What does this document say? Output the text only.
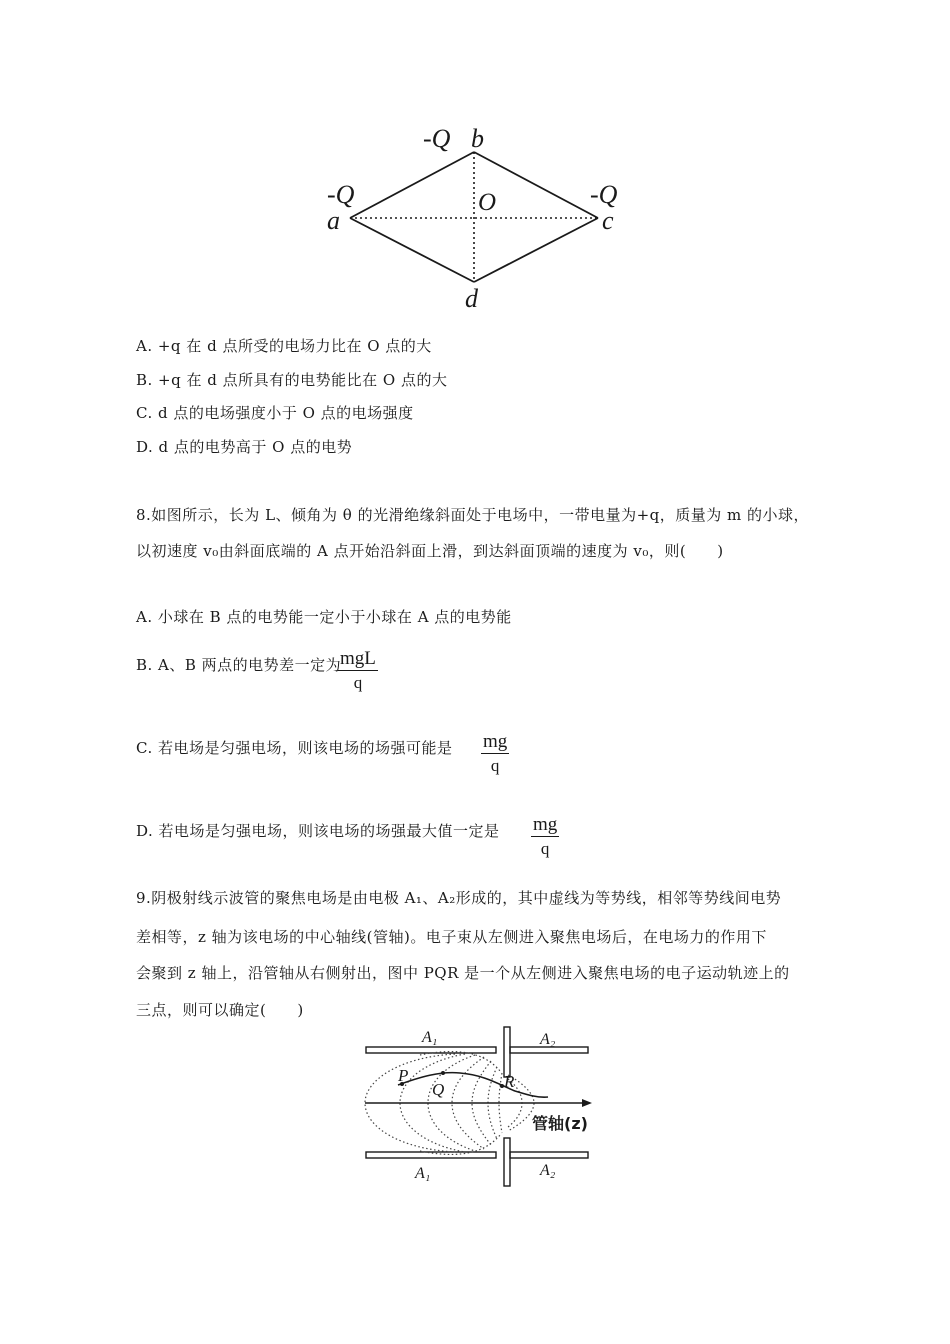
-Q b
-Q
a
-Q
c
O
d
A. +q 在 d 点所受的电场力比在 O 点的大
B. +q 在 d 点所具有的电势能比在 O 点的大
C. d 点的电场强度小于 O 点的电场强度
D. d 点的电势高于 O 点的电势
8.如图所示，长为 L、倾角为 θ 的光滑绝缘斜面处于电场中，一带电量为+q，质量为 m 的小球，
以初速度 v₀由斜面底端的 A 点开始沿斜面上滑，到达斜面顶端的速度为 v₀，则(　　)
A. 小球在 B 点的电势能一定小于小球在 A 点的电势能
B. A、B 两点的电势差一定为
mgL
q
C. 若电场是匀强电场，则该电场的场强可能是 $\frac{mg}{q}$
D. 若电场是匀强电场，则该电场的场强最大值一定是 $\frac{mg}{q}$
9.阴极射线示波管的聚焦电场是由电极 A₁、A₂形成的，其中虚线为等势线，相邻等势线间电势
差相等，z 轴为该电场的中心轴线(管轴)。电子束从左侧进入聚焦电场后，在电场力的作用下
会聚到 z 轴上，沿管轴从右侧射出，图中 PQR 是一个从左侧进入聚焦电场的电子运动轨迹上的
三点，则可以确定(　　)
A₁	A₂
A₁	A₂
P
Q	R
管轴(z)
